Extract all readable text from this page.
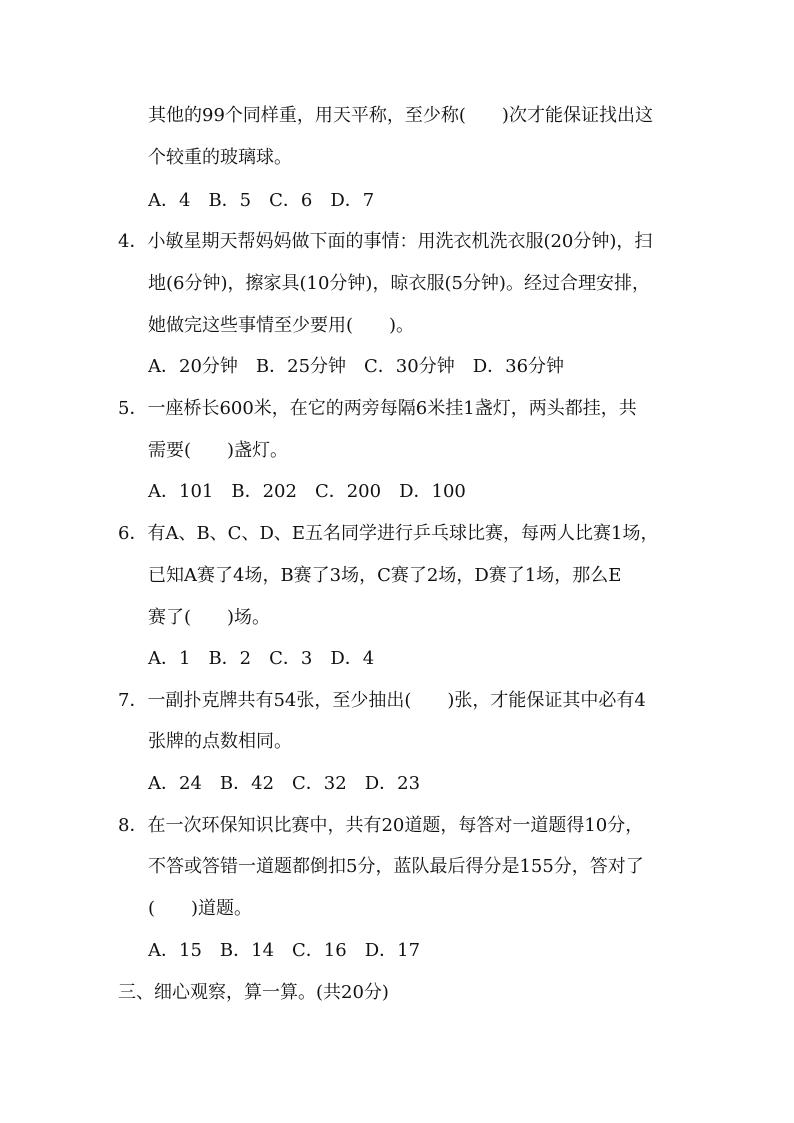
其他的99个同样重，用天平称，至少称(　　)次才能保证找出这
个较重的玻璃球。
A．4　B．5　C．6　D．7
4．小敏星期天帮妈妈做下面的事情：用洗衣机洗衣服(20分钟)，扫
地(6分钟)，擦家具(10分钟)，晾衣服(5分钟)。经过合理安排，
她做完这些事情至少要用(　　)。
A．20分钟　B．25分钟　C．30分钟　D．36分钟
5．一座桥长600米，在它的两旁每隔6米挂1盏灯，两头都挂，共
需要(　　)盏灯。
A．101　B．202　C．200　D．100
6．有A、B、C、D、E五名同学进行乒乓球比赛，每两人比赛1场，
已知A赛了4场，B赛了3场，C赛了2场，D赛了1场，那么E
赛了(　　)场。
A．1　B．2　C．3　D．4
7．一副扑克牌共有54张，至少抽出(　　)张，才能保证其中必有4
张牌的点数相同。
A．24　B．42　C．32　D．23
8．在一次环保知识比赛中，共有20道题，每答对一道题得10分，
不答或答错一道题都倒扣5分，蓝队最后得分是155分，答对了
(　　)道题。
A．15　B．14　C．16　D．17
三、细心观察，算一算。(共20分)
